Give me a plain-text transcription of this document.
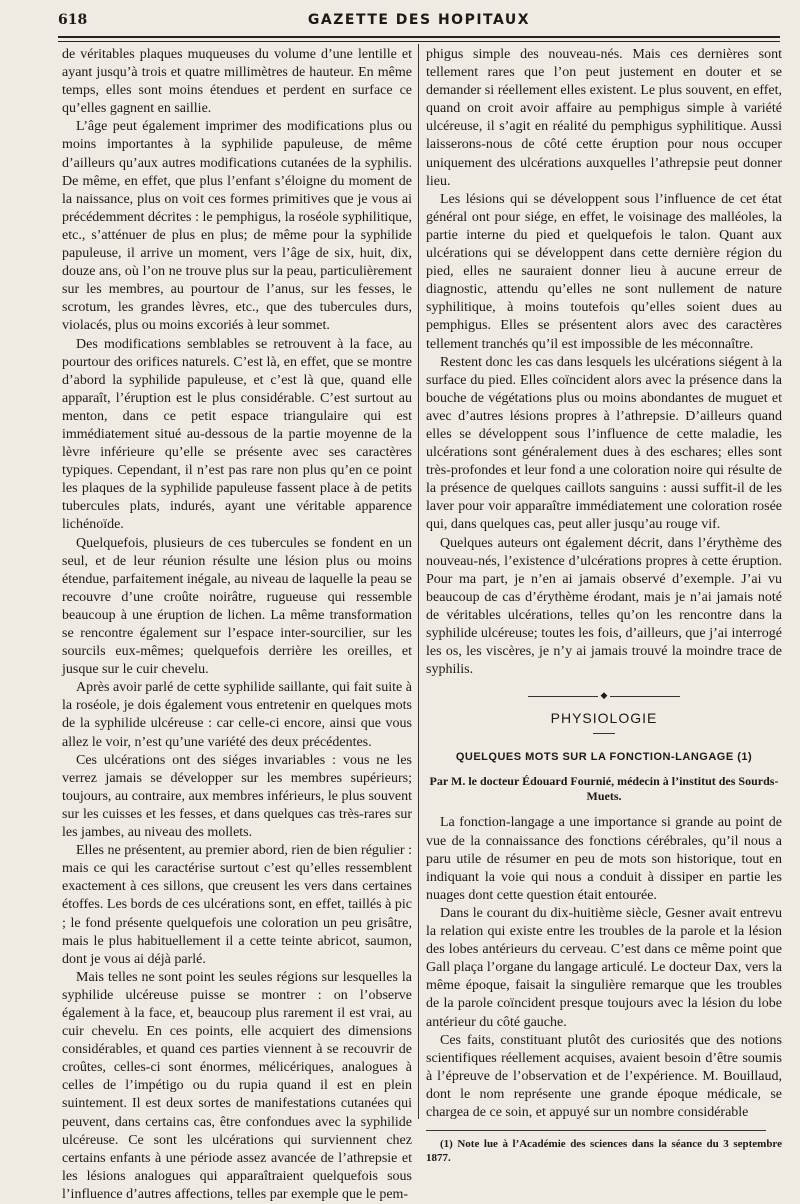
618	GAZETTE DES HOPITAUX

de véritables plaques muqueuses du volume d’une lentille et ayant jusqu’à trois et quatre millimètres de hauteur. En même temps, elles sont moins étendues et perdent en surface ce qu’elles gagnent en saillie.

L’âge peut également imprimer des modifications plus ou moins importantes à la syphilide papuleuse, de même d’ailleurs qu’aux autres modifications cutanées de la syphilis. De même, en effet, que plus l’enfant s’éloigne du moment de la naissance, plus on voit ces formes primitives que je vous ai précédemment décrites : le pemphigus, la roséole syphilitique, etc., s’atténuer de plus en plus; de même pour la syphilide papuleuse, il arrive un moment, vers l’âge de six, huit, dix, douze ans, où l’on ne trouve plus sur la peau, particulièrement sur les membres, au pourtour de l’anus, sur les fesses, le scrotum, les grandes lèvres, etc., que des tubercules durs, violacés, plus ou moins excoriés à leur sommet.

Des modifications semblables se retrouvent à la face, au pourtour des orifices naturels. C’est là, en effet, que se montre d’abord la syphilide papuleuse, et c’est là que, quand elle apparaît, l’éruption est le plus considérable. C’est surtout au menton, dans ce petit espace triangulaire qui est immédiatement situé au-dessous de la partie moyenne de la lèvre inférieure qu’elle se présente avec ses caractères typiques. Cependant, il n’est pas rare non plus qu’en ce point les plaques de la syphilide papuleuse fassent place à de petits tubercules plats, indurés, ayant une véritable apparence lichénoïde.

Quelquefois, plusieurs de ces tubercules se fondent en un seul, et de leur réunion résulte une lésion plus ou moins étendue, parfaitement inégale, au niveau de laquelle la peau se recouvre d’une croûte noirâtre, rugueuse qui ressemble beaucoup à une éruption de lichen. La même transformation se rencontre également sur l’espace inter-sourcilier, sur les sourcils eux-mêmes; quelquefois derrière les oreilles, et jusque sur le cuir chevelu.

Après avoir parlé de cette syphilide saillante, qui fait suite à la roséole, je dois également vous entretenir en quelques mots de la syphilide ulcéreuse : car celle-ci encore, ainsi que vous allez le voir, n’est qu’une variété des deux précédentes.

Ces ulcérations ont des siéges invariables : vous ne les verrez jamais se développer sur les membres supérieurs; toujours, au contraire, aux membres inférieurs, le plus souvent sur les cuisses et les fesses, et dans quelques cas très-rares sur les jambes, au niveau des mollets.

Elles ne présentent, au premier abord, rien de bien régulier : mais ce qui les caractérise surtout c’est qu’elles ressemblent exactement à ces sillons, que creusent les vers dans certaines étoffes. Les bords de ces ulcérations sont, en effet, taillés à pic ; le fond présente quelquefois une coloration un peu grisâtre, mais le plus habituellement il a cette teinte abricot, saumon, dont je vous ai déjà parlé.

Mais telles ne sont point les seules régions sur lesquelles la syphilide ulcéreuse puisse se montrer : on l’observe également à la face, et, beaucoup plus rarement il est vrai, au cuir chevelu. En ces points, elle acquiert des dimensions considérables, et quand ces parties viennent à se recouvrir de croûtes, celles-ci sont énormes, mélicériques, analogues à celles de l’impétigo ou du rupia quand il est en plein suintement. Il est deux sortes de manifestations cutanées qui peuvent, dans certains cas, être confondues avec la syphilide ulcéreuse. Ce sont les ulcérations qui surviennent chez certains enfants à une période assez avancée de l’athrepsie et les lésions analogues qui apparaîtraient quelquefois sous l’influence d’autres affections, telles par exemple que le pem-

phigus simple des nouveau-nés. Mais ces dernières sont tellement rares que l’on peut justement en douter et se demander si réellement elles existent. Le plus souvent, en effet, quand on croit avoir affaire au pemphigus simple à variété ulcéreuse, il s’agit en réalité du pemphigus syphilitique. Aussi laisserons-nous de côté cette éruption pour nous occuper uniquement des ulcérations auxquelles l’athrepsie peut donner lieu.

Les lésions qui se développent sous l’influence de cet état général ont pour siége, en effet, le voisinage des malléoles, la partie interne du pied et quelquefois le talon. Quant aux ulcérations qui se développent dans cette dernière région du pied, elles ne sauraient donner lieu à aucune erreur de diagnostic, attendu qu’elles ne sont nullement de nature syphilitique, à moins toutefois qu’elles soient dues au pemphigus. Elles se présentent alors avec des caractères tellement tranchés qu’il est impossible de les méconnaître.

Restent donc les cas dans lesquels les ulcérations siégent à la surface du pied. Elles coïncident alors avec la présence dans la bouche de végétations plus ou moins abondantes de muguet et avec d’autres lésions propres à l’athrepsie. D’ailleurs quand elles se développent sous l’influence de cette maladie, les ulcérations sont généralement dues à des eschares; elles sont très-profondes et leur fond a une coloration noire qui résulte de la présence de quelques caillots sanguins : aussi suffit-il de les laver pour voir apparaître immédiatement une coloration rosée qui, dans quelques cas, peut aller jusqu’au rouge vif.

Quelques auteurs ont également décrit, dans l’érythème des nouveau-nés, l’existence d’ulcérations propres à cette éruption. Pour ma part, je n’en ai jamais observé d’exemple. J’ai vu beaucoup de cas d’érythème érodant, mais je n’ai jamais noté de véritables ulcérations, telles qu’on les rencontre dans la syphilide ulcéreuse; toutes les fois, d’ailleurs, que j’ai interrogé les os, les viscères, je n’y ai jamais trouvé la moindre trace de syphilis.

◆
PHYSIOLOGIE
QUELQUES MOTS SUR LA FONCTION-LANGAGE (1)
Par M. le docteur Édouard Fournié, médecin à l’institut des Sourds-Muets.

La fonction-langage a une importance si grande au point de vue de la connaissance des fonctions cérébrales, qu’il nous a paru utile de résumer en peu de mots son historique, tout en indiquant la voie qui nous a conduit à dissiper en partie les nuages dont cette question était entourée.

Dans le courant du dix-huitième siècle, Gesner avait entrevu la relation qui existe entre les troubles de la parole et la lésion des lobes antérieurs du cerveau. C’est dans ce même point que Gall plaça l’organe du langage articulé. Le docteur Dax, vers la même époque, faisait la singulière remarque que les troubles de la parole coïncident presque toujours avec la lésion du lobe antérieur du côté gauche.

Ces faits, constituant plutôt des curiosités que des notions scientifiques réellement acquises, avaient besoin d’être soumis à l’épreuve de l’observation et de l’expérience. M. Bouillaud, dont le nom représente une grande époque médicale, se chargea de ce soin, et appuyé sur un nombre considérable

(1) Note lue à l’Académie des sciences dans la séance du 3 septembre 1877.
